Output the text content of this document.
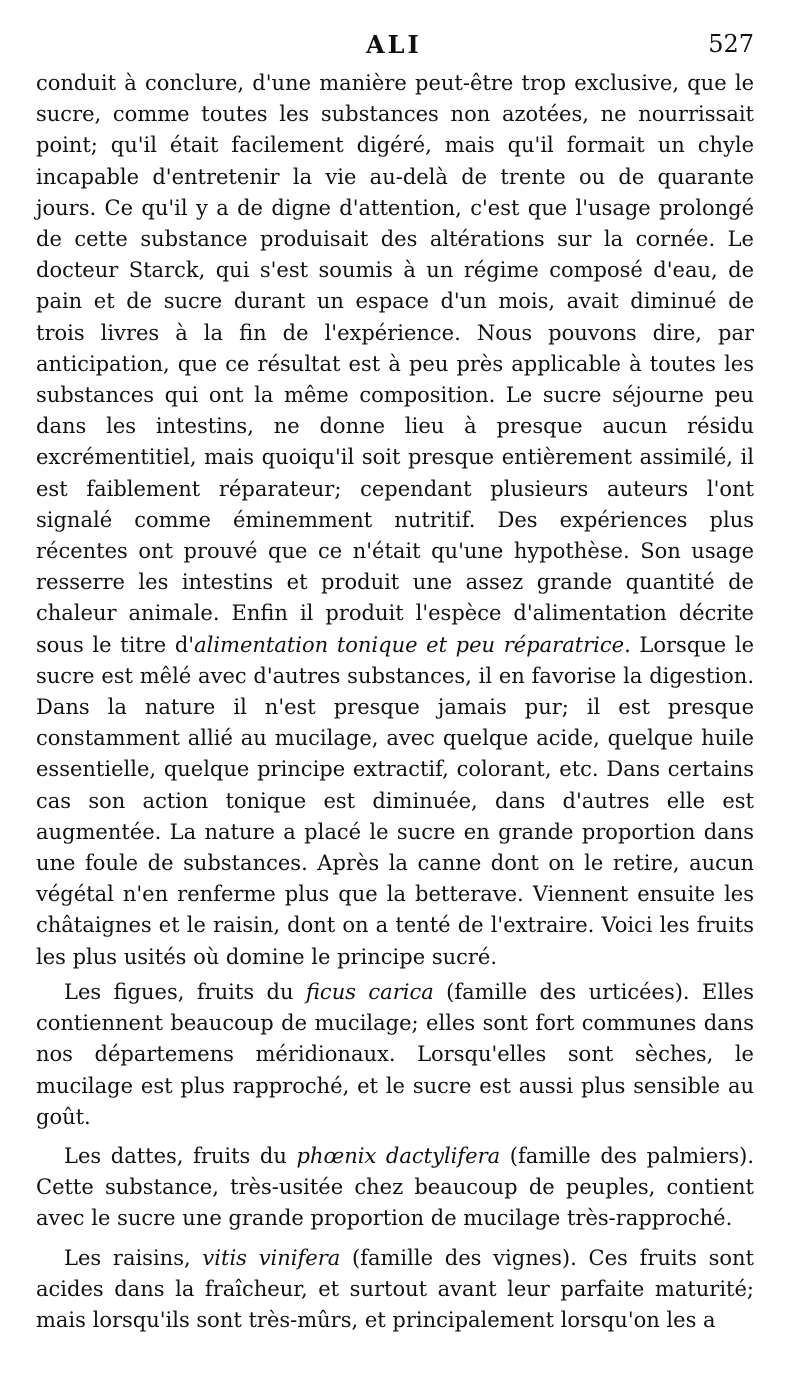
ALI	527

conduit à conclure, d'une manière peut-être trop exclusive, que le sucre, comme toutes les substances non azotées, ne nourrissait point; qu'il était facilement digéré, mais qu'il formait un chyle incapable d'entretenir la vie au-delà de trente ou de quarante jours. Ce qu'il y a de digne d'attention, c'est que l'usage prolongé de cette substance produisait des altérations sur la cornée. Le docteur Starck, qui s'est soumis à un régime composé d'eau, de pain et de sucre durant un espace d'un mois, avait diminué de trois livres à la fin de l'expérience. Nous pouvons dire, par anticipation, que ce résultat est à peu près applicable à toutes les substances qui ont la même composition. Le sucre séjourne peu dans les intestins, ne donne lieu à presque aucun résidu excrémentitiel, mais quoiqu'il soit presque entièrement assimilé, il est faiblement réparateur; cependant plusieurs auteurs l'ont signalé comme éminemment nutritif. Des expériences plus récentes ont prouvé que ce n'était qu'une hypothèse. Son usage resserre les intestins et produit une assez grande quantité de chaleur animale. Enfin il produit l'espèce d'alimentation décrite sous le titre d'alimentation tonique et peu réparatrice. Lorsque le sucre est mêlé avec d'autres substances, il en favorise la digestion. Dans la nature il n'est presque jamais pur; il est presque constamment allié au mucilage, avec quelque acide, quelque huile essentielle, quelque principe extractif, colorant, etc. Dans certains cas son action tonique est diminuée, dans d'autres elle est augmentée. La nature a placé le sucre en grande proportion dans une foule de substances. Après la canne dont on le retire, aucun végétal n'en renferme plus que la betterave. Viennent ensuite les châtaignes et le raisin, dont on a tenté de l'extraire. Voici les fruits les plus usités où domine le principe sucré.

Les figues, fruits du ficus carica (famille des urticées). Elles contiennent beaucoup de mucilage; elles sont fort communes dans nos départemens méridionaux. Lorsqu'elles sont sèches, le mucilage est plus rapproché, et le sucre est aussi plus sensible au goût.

Les dattes, fruits du phœnix dactylifera (famille des palmiers). Cette substance, très-usitée chez beaucoup de peuples, contient avec le sucre une grande proportion de mucilage très-rapproché.

Les raisins, vitis vinifera (famille des vignes). Ces fruits sont acides dans la fraîcheur, et surtout avant leur parfaite maturité; mais lorsqu'ils sont très-mûrs, et principalement lorsqu'on les a
